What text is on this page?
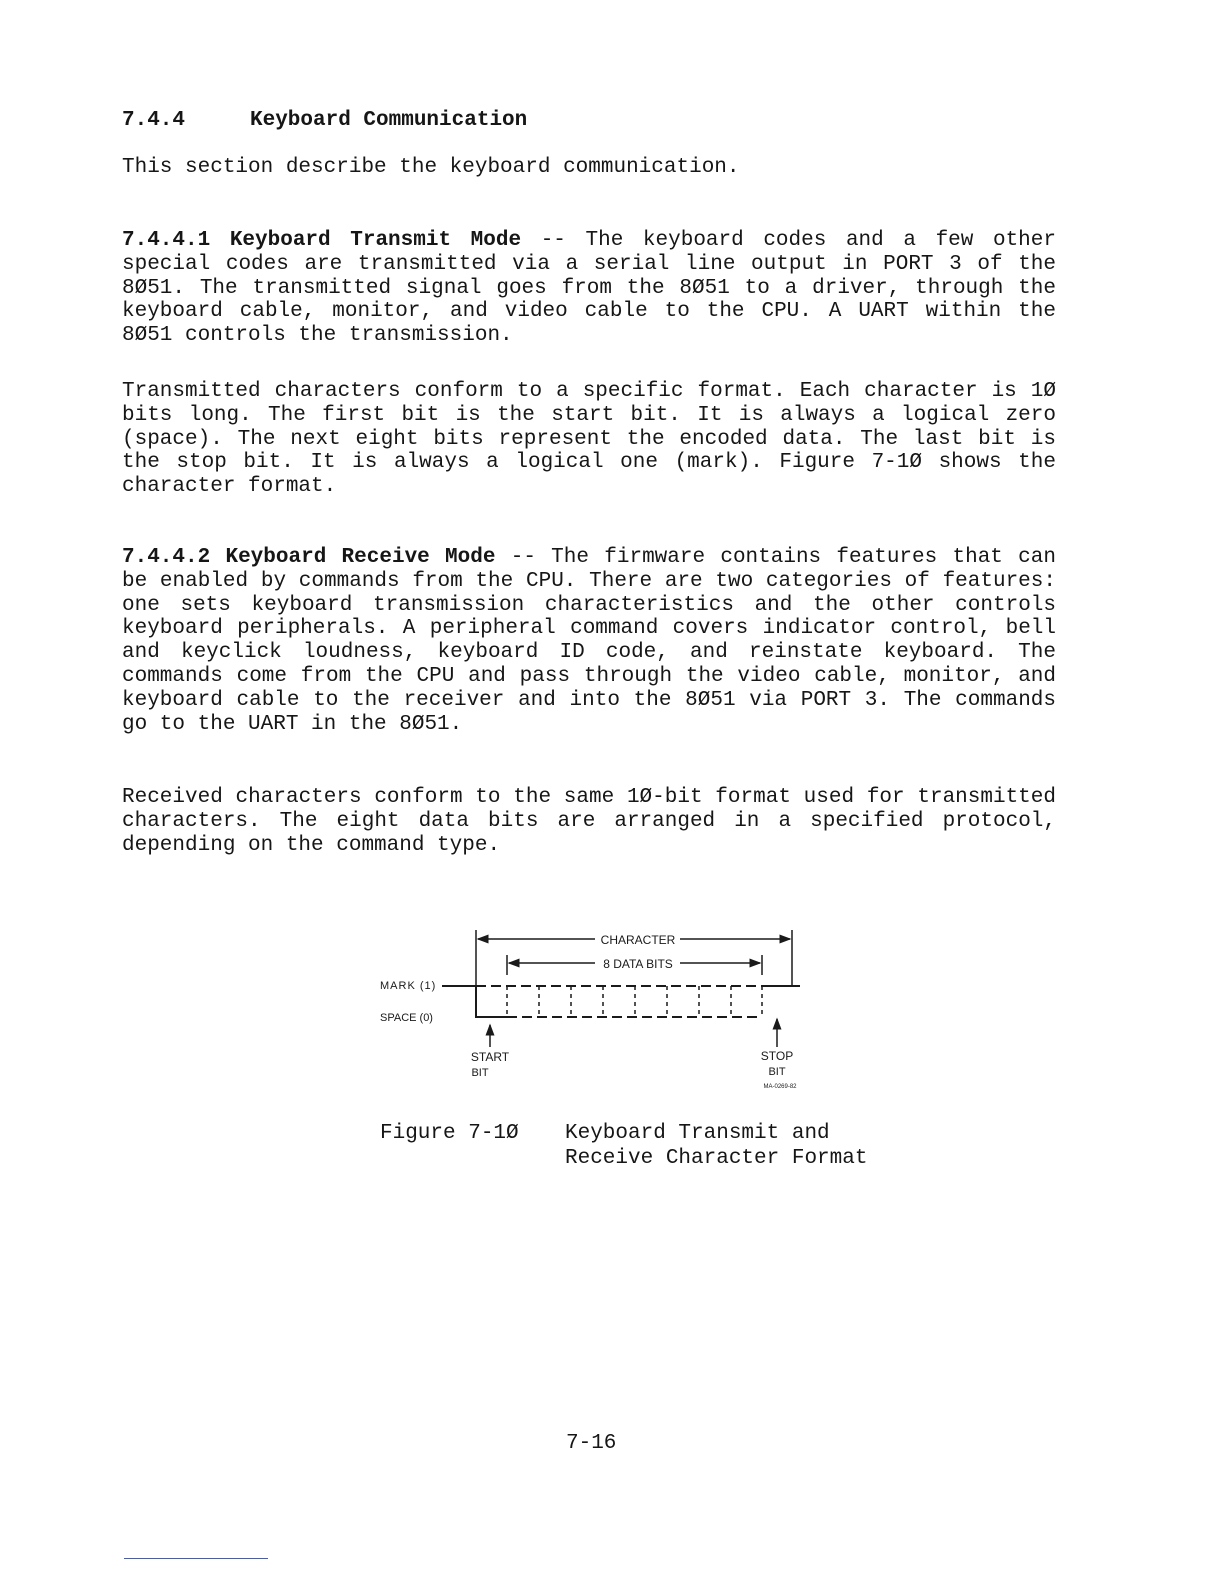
7.4.4	Keyboard Communication
This section describe the keyboard communication.
7.4.4.1 Keyboard Transmit Mode -- The keyboard codes and a few other special codes are transmitted via a serial line output in PORT 3 of the 8Ø51. The transmitted signal goes from the 8Ø51 to a driver, through the keyboard cable, monitor, and video cable to the CPU. A UART within the 8Ø51 controls the transmission.
Transmitted characters conform to a specific format. Each character is 1Ø bits long. The first bit is the start bit. It is always a logical zero (space). The next eight bits represent the encoded data. The last bit is the stop bit. It is always a logical one (mark). Figure 7-1Ø shows the character format.
7.4.4.2 Keyboard Receive Mode -- The firmware contains features that can be enabled by commands from the CPU. There are two categories of features: one sets keyboard transmission characteristics and the other controls keyboard peripherals. A peripheral command covers indicator control, bell and keyclick loudness, keyboard ID code, and reinstate keyboard. The commands come from the CPU and pass through the video cable, monitor, and keyboard cable to the receiver and into the 8Ø51 via PORT 3. The commands go to the UART in the 8Ø51.
Received characters conform to the same 1Ø-bit format used for transmitted characters. The eight data bits are arranged in a specified protocol, depending on the command type.
CHARACTER
8 DATA BITS
MARK (1)
SPACE (0)
START
BIT
STOP
BIT
MA-0269-82
Figure 7-1Ø Keyboard Transmit and Receive Character Format
7-16
